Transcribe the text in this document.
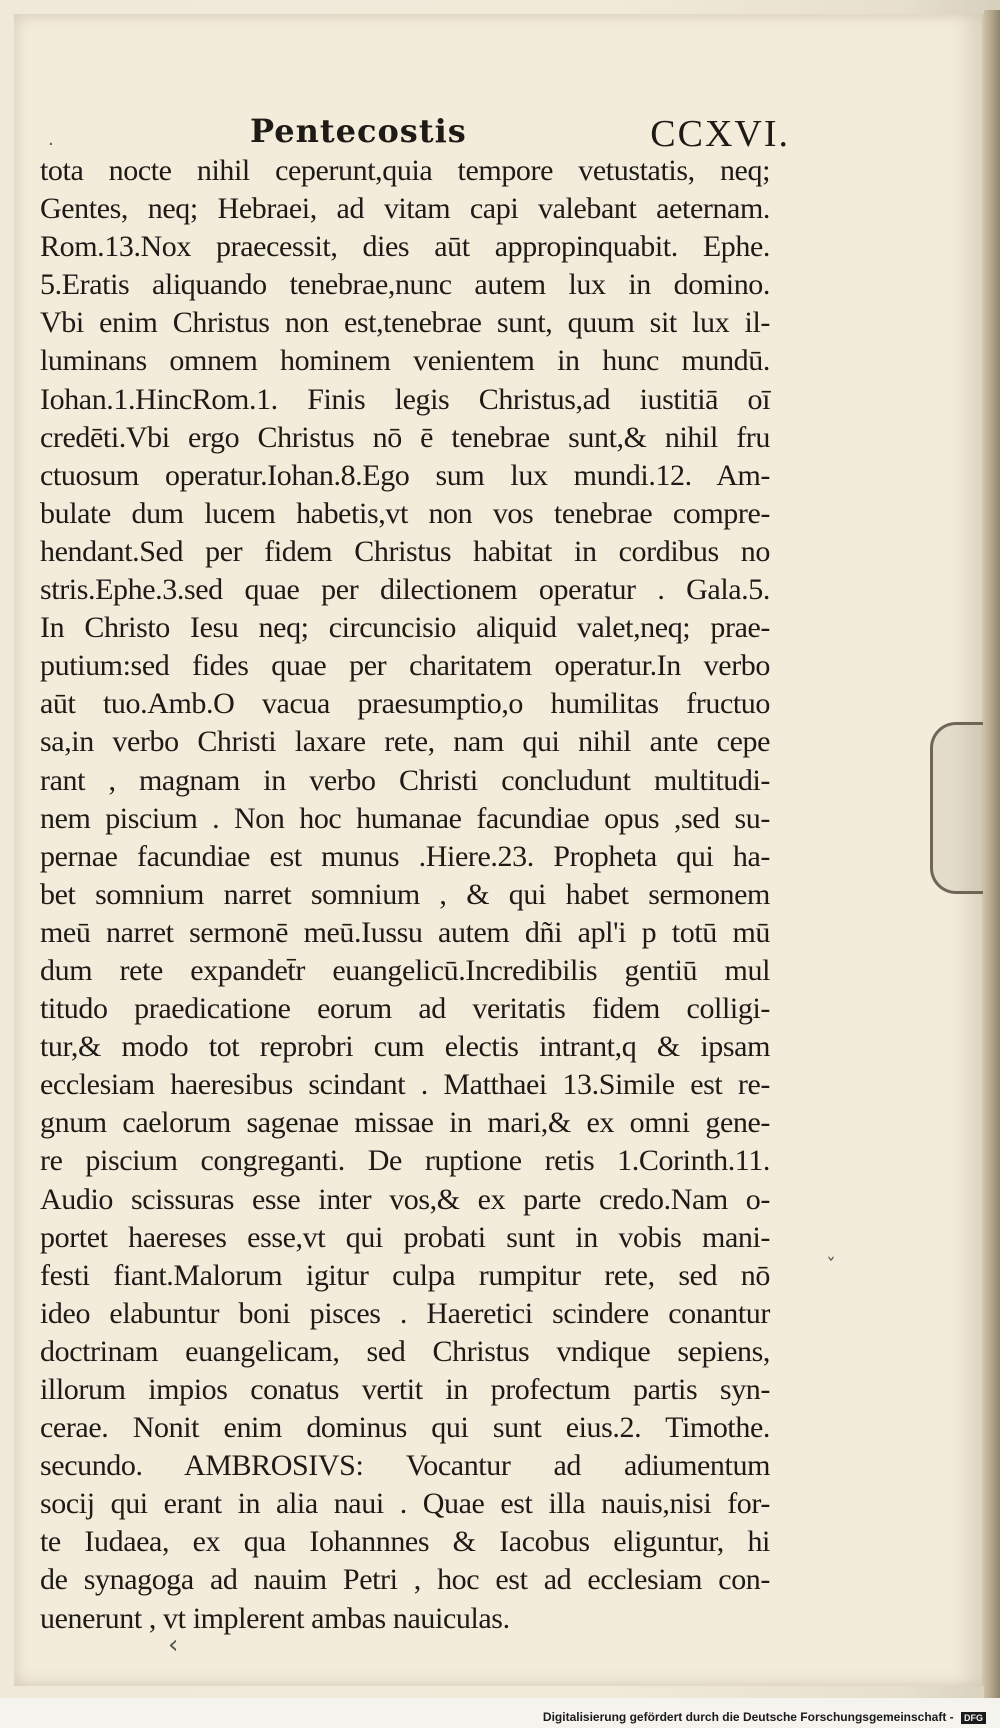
·
ˇ
‹
Pentecostis	CCXVI.
tota nocte nihil ceperunt,quia tempore vetustatis, neq;
Gentes, neq; Hebraei, ad vitam capi valebant aeternam.
Rom.13.Nox praecessit, dies aūt appropinquabit. Ephe.
5.Eratis aliquando tenebrae,nunc autem lux in domino.
Vbi enim Christus non est,tenebrae sunt, quum sit lux il-
luminans omnem hominem venientem in hunc mundū.
Iohan.1.HincRom.1. Finis legis Christus,ad iustitiā oī
credēti.Vbi ergo Christus nō ē tenebrae sunt,& nihil fru
ctuosum operatur.Iohan.8.Ego sum lux mundi.12. Am-
bulate dum lucem habetis,vt non vos tenebrae compre-
hendant.Sed per fidem Christus habitat in cordibus no
stris.Ephe.3.sed quae per dilectionem operatur . Gala.5.
In Christo Iesu neq; circuncisio aliquid valet,neq; prae-
putium:sed fides quae per charitatem operatur.In verbo
aūt tuo.Amb.O vacua praesumptio,o humilitas fructuo
sa,in verbo Christi laxare rete, nam qui nihil ante cepe
rant , magnam in verbo Christi concludunt multitudi-
nem piscium . Non hoc humanae facundiae opus ,sed su-
pernae facundiae est munus .Hiere.23. Propheta qui ha-
bet somnium narret somnium , & qui habet sermonem
meū narret sermonē meū.Iussu autem dñi apl'i p totū mū
dum rete expandet̄r euangelicū.Incredibilis gentiū mul
titudo praedicatione eorum ad veritatis fidem colligi-
tur,& modo tot reprobri cum electis intrant,q & ipsam
ecclesiam haeresibus scindant . Matthaei 13.Simile est re-
gnum caelorum sagenae missae in mari,& ex omni gene-
re piscium congreganti. De ruptione retis 1.Corinth.11.
Audio scissuras esse inter vos,& ex parte credo.Nam o-
portet haereses esse,vt qui probati sunt in vobis mani-
festi fiant.Malorum igitur culpa rumpitur rete, sed nō
ideo elabuntur boni pisces . Haeretici scindere conantur
doctrinam euangelicam, sed Christus vndique sepiens,
illorum impios conatus vertit in profectum partis syn-
cerae. Nonit enim dominus qui sunt eius.2. Timothe.
secundo. AMBROSIVS: Vocantur ad adiumentum
socij qui erant in alia naui . Quae est illa nauis,nisi for-
te Iudaea, ex qua Iohannnes & Iacobus eliguntur, hi
de synagoga ad nauim Petri , hoc est ad ecclesiam con-
uenerunt , vt implerent ambas nauiculas.
Digitalisierung gefördert durch die Deutsche Forschungsgemeinschaft - DFG
